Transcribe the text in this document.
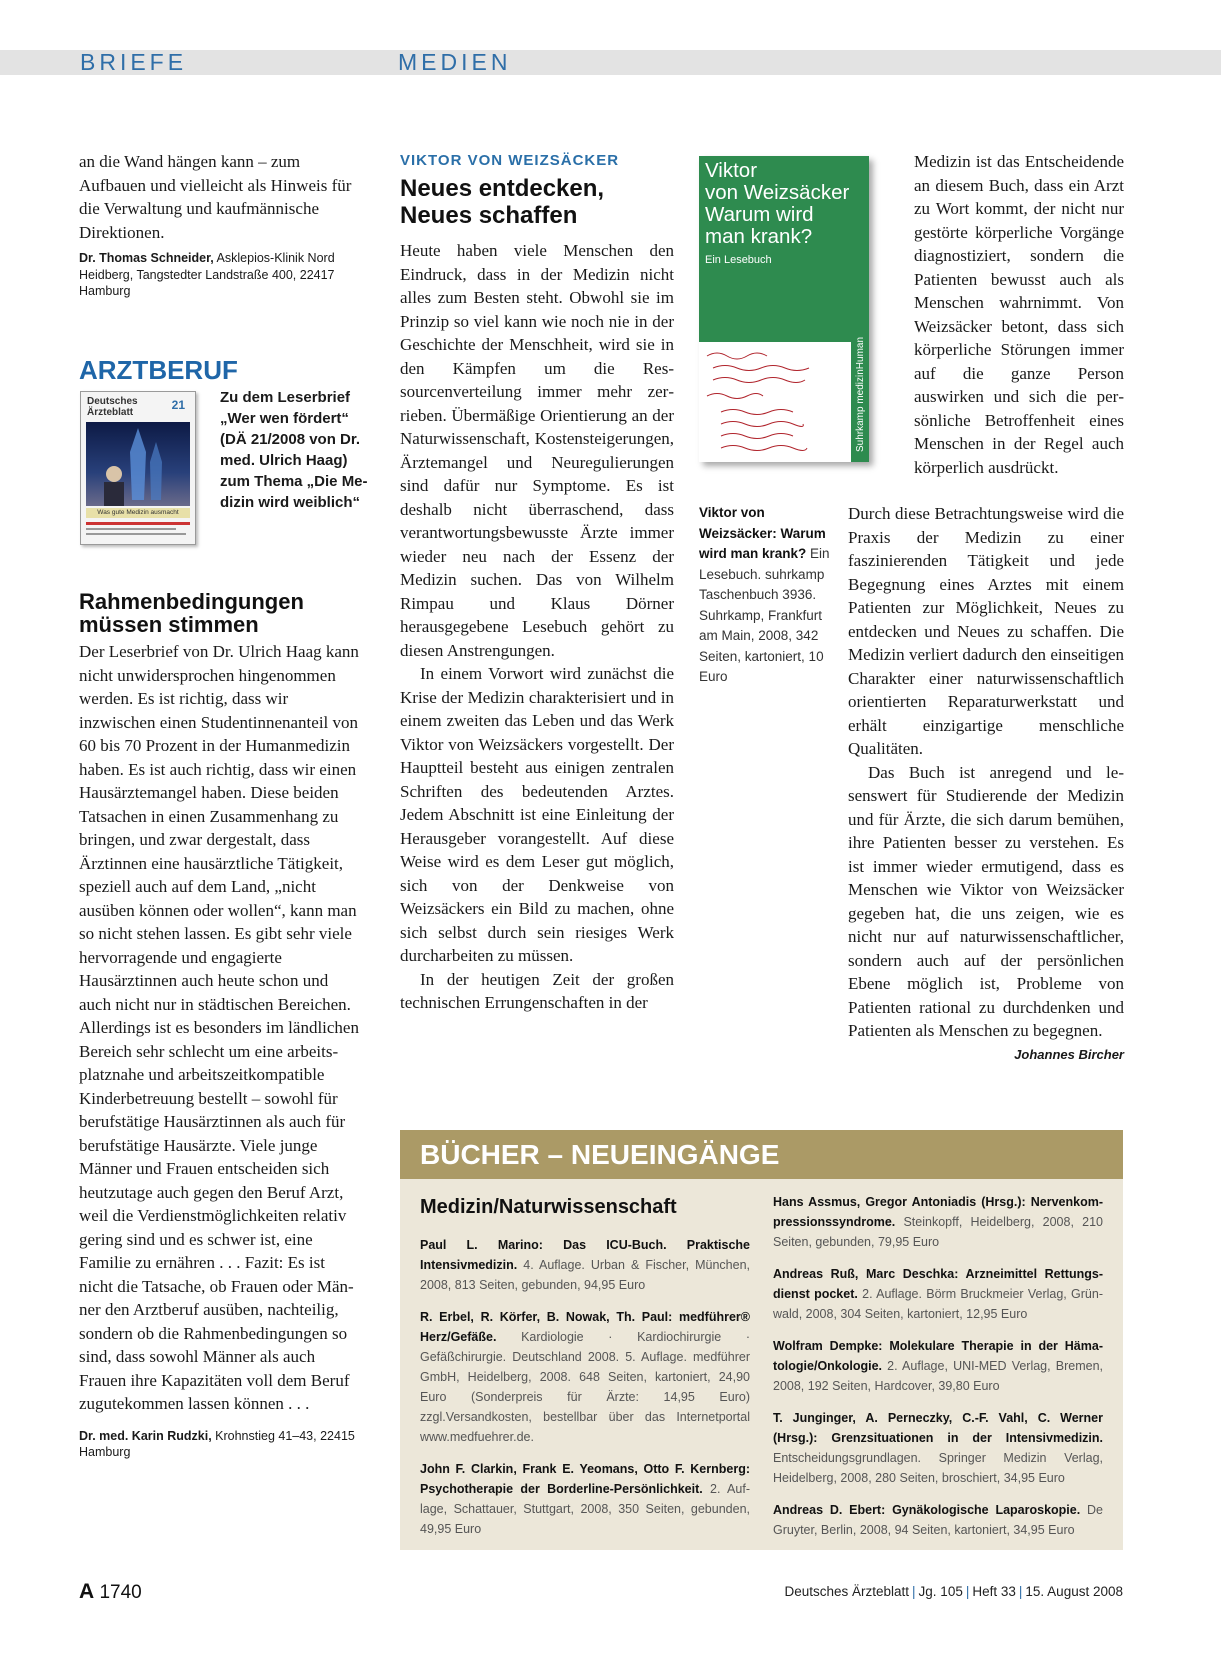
BRIEFE	MEDIEN

an die Wand hängen kann – zum Aufbauen und vielleicht als Hinweis für die Verwaltung und kaufmännische Direktionen.

Dr. Thomas Schneider, Asklepios-Klinik Nord Heidberg, Tangstedter Landstraße 400, 22417 Hamburg

ARZTBERUF
Deutsches
Ärzteblatt
21
Was gute Medizin ausmacht

Zu dem Leserbrief „Wer wen fördert“ (DÄ 21/2008 von Dr. med. Ulrich Haag) zum Thema „Die Medizin wird weiblich“

Rahmenbedingungen müssen stimmen

Der Leserbrief von Dr. Ulrich Haag kann nicht unwidersprochen hingenommen werden. Es ist richtig, dass wir inzwischen einen Studentinnenanteil von 60 bis 70 Prozent in der Humanmedizin haben. Es ist auch richtig, dass wir einen Hausärztemangel haben. Diese beiden Tatsachen in einen Zusammenhang zu bringen, und zwar dergestalt, dass Ärztinnen eine hausärztliche Tätigkeit, speziell auch auf dem Land, „nicht ausüben können oder wollen“, kann man so nicht stehen lassen. Es gibt sehr viele hervorragende und engagierte Hausärztinnen auch heute schon und auch nicht nur in städtischen Bereichen. Allerdings ist es besonders im ländlichen Bereich sehr schlecht um eine arbeitsplatznahe und arbeitszeitkompatible Kinderbetreuung bestellt – sowohl für berufstätige Hausärztinnen als auch für berufstätige Hausärzte. Viele junge Männer und Frauen entscheiden sich heutzutage auch gegen den Beruf Arzt, weil die Verdienstmöglichkeiten relativ gering sind und es schwer ist, eine Familie zu ernähren . . . Fazit: Es ist nicht die Tatsache, ob Frauen oder Männer den Arztberuf ausüben, nachteilig, sondern ob die Rahmenbedingungen so sind, dass sowohl Männer als auch Frauen ihre Kapazitäten voll dem Beruf zugutekommen lassen können . . .

Dr. med. Karin Rudzki, Krohnstieg 41–43, 22415 Hamburg

VIKTOR VON WEIZSÄCKER
Neues entdecken, Neues schaffen

Heute haben viele Menschen den Eindruck, dass in der Medizin nicht alles zum Besten steht. Obwohl sie im Prinzip so viel kann wie noch nie in der Geschichte der Menschheit, wird sie in den Kämpfen um die Ressourcenverteilung immer mehr zerrieben. Übermäßige Orientierung an der Naturwissenschaft, Kostensteigerungen, Ärztemangel und Neuregulierungen sind dafür nur Symptome. Es ist deshalb nicht überraschend, dass verantwortungsbewusste Ärzte immer wieder neu nach der Essenz der Medizin suchen. Das von Wilhelm Rimpau und Klaus Dörner herausgegebene Lesebuch gehört zu diesen Anstrengungen.

In einem Vorwort wird zunächst die Krise der Medizin charakterisiert und in einem zweiten das Leben und das Werk Viktor von Weizsäckers vorgestellt. Der Hauptteil besteht aus einigen zentralen Schriften des bedeutenden Arztes. Jedem Abschnitt ist eine Einleitung der Herausgeber vorangestellt. Auf diese Weise wird es dem Leser gut möglich, sich von der Denkweise von Weizsäckers ein Bild zu machen, ohne sich selbst durch sein riesiges Werk durcharbeiten zu müssen.

In der heutigen Zeit der großen technischen Errungenschaften in der

Viktor
von Weizsäcker
Warum wird
man krank?
Ein Lesebuch
Suhrkamp medizinHuman

Viktor von Weizsäcker: Warum wird man krank? Ein Lesebuch. suhrkamp Taschenbuch 3936. Suhrkamp, Frankfurt am Main, 2008, 342 Seiten, kartoniert, 10 Euro

Medizin ist das Entscheidende an diesem Buch, dass ein Arzt zu Wort kommt, der nicht nur gestörte körperliche Vorgänge diagnostiziert, sondern die Patienten bewusst auch als Menschen wahrnimmt. Von Weizsäcker betont, dass sich körperliche Störungen immer auf die ganze Person auswirken und sich die persönliche Betroffenheit eines Menschen in der Regel auch körperlich ausdrückt.

Durch diese Betrachtungsweise wird die Praxis der Medizin zu einer faszinierenden Tätigkeit und jede Begegnung eines Arztes mit einem Patienten zur Möglichkeit, Neues zu entdecken und Neues zu schaffen. Die Medizin verliert dadurch den einseitigen Charakter einer naturwissenschaftlich orientierten Reparaturwerkstatt und erhält einzigartige menschliche Qualitäten.

Das Buch ist anregend und lesenswert für Studierende der Medizin und für Ärzte, die sich darum bemühen, ihre Patienten besser zu verstehen. Es ist immer wieder ermutigend, dass es Menschen wie Viktor von Weizsäcker gegeben hat, die uns zeigen, wie es nicht nur auf naturwissenschaftlicher, sondern auch auf der persönlichen Ebene möglich ist, Probleme von Patienten rational zu durchdenken und Patienten als Menschen zu begegnen.
Johannes Bircher

BÜCHER – NEUEINGÄNGE
Medizin/Naturwissenschaft

Paul L. Marino: Das ICU-Buch. Praktische Intensivmedizin. 4. Auflage. Urban & Fischer, München, 2008, 813 Seiten, gebunden, 94,95 Euro

R. Erbel, R. Körfer, B. Nowak, Th. Paul: medführer® Herz/Gefäße. Kardiologie · Kardiochirurgie · Gefäßchirurgie. Deutschland 2008. 5. Auflage. medführer GmbH, Heidelberg, 2008. 648 Seiten, kartoniert, 24,90 Euro (Sonderpreis für Ärzte: 14,95 Euro) zzgl.Versandkosten, bestellbar über das Internetportal www.medfuehrer.de.

John F. Clarkin, Frank E. Yeomans, Otto F. Kernberg: Psychotherapie der Borderline-Persönlichkeit. 2. Auflage, Schattauer, Stuttgart, 2008, 350 Seiten, gebunden, 49,95 Euro

Hans Assmus, Gregor Antoniadis (Hrsg.): Nervenkompressionssyndrome. Steinkopff, Heidelberg, 2008, 210 Seiten, gebunden, 79,95 Euro

Andreas Ruß, Marc Deschka: Arzneimittel Rettungsdienst pocket. 2. Auflage. Börm Bruckmeier Verlag, Grünwald, 2008, 304 Seiten, kartoniert, 12,95 Euro

Wolfram Dempke: Molekulare Therapie in der Hämatologie/Onkologie. 2. Auflage, UNI-MED Verlag, Bremen, 2008, 192 Seiten, Hardcover, 39,80 Euro

T. Junginger, A. Perneczky, C.-F. Vahl, C. Werner (Hrsg.): Grenzsituationen in der Intensivmedizin. Entscheidungsgrundlagen. Springer Medizin Verlag, Heidelberg, 2008, 280 Seiten, broschiert, 34,95 Euro

Andreas D. Ebert: Gynäkologische Laparoskopie. De Gruyter, Berlin, 2008, 94 Seiten, kartoniert, 34,95 Euro

A 1740	Deutsches Ärzteblatt | Jg. 105 | Heft 33 | 15. August 2008
